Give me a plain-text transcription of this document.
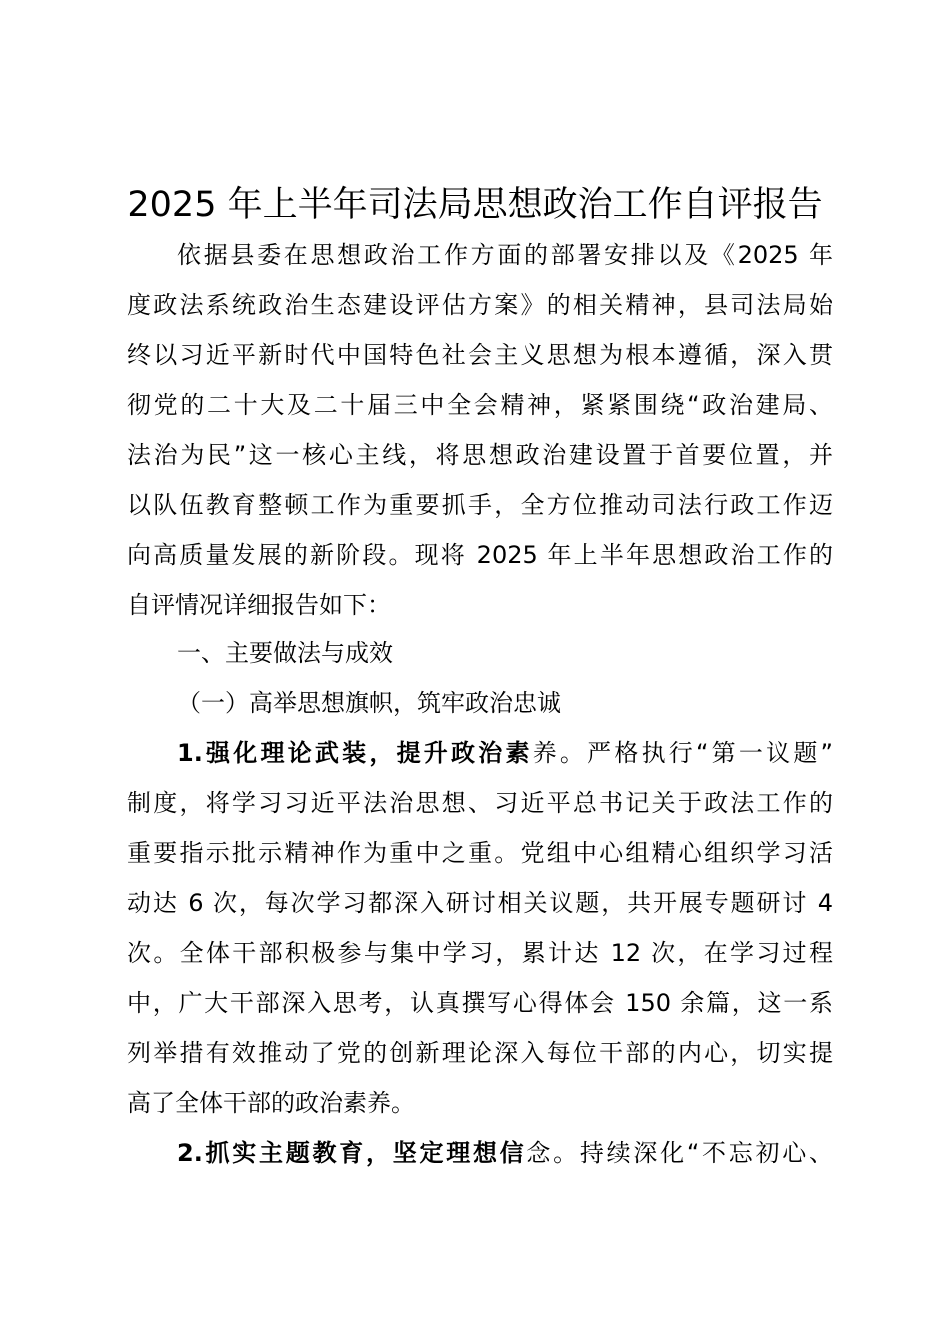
2025 年上半年司法局思想政治工作自评报告
依据县委在思想政治工作方面的部署安排以及《2025 年
度政法系统政治生态建设评估方案》的相关精神，县司法局始
终以习近平新时代中国特色社会主义思想为根本遵循，深入贯
彻党的二十大及二十届三中全会精神，紧紧围绕“政治建局、
法治为民”这一核心主线，将思想政治建设置于首要位置，并
以队伍教育整顿工作为重要抓手，全方位推动司法行政工作迈
向高质量发展的新阶段。现将 2025 年上半年思想政治工作的
自评情况详细报告如下：
一、主要做法与成效
（一）高举思想旗帜，筑牢政治忠诚
1.强化理论武装，提升政治素养。严格执行“第一议题”
制度，将学习习近平法治思想、习近平总书记关于政法工作的
重要指示批示精神作为重中之重。党组中心组精心组织学习活
动达 6 次，每次学习都深入研讨相关议题，共开展专题研讨 4
次。全体干部积极参与集中学习，累计达 12 次，在学习过程
中，广大干部深入思考，认真撰写心得体会 150 余篇，这一系
列举措有效推动了党的创新理论深入每位干部的内心，切实提
高了全体干部的政治素养。
2.抓实主题教育，坚定理想信念。持续深化“不忘初心、
